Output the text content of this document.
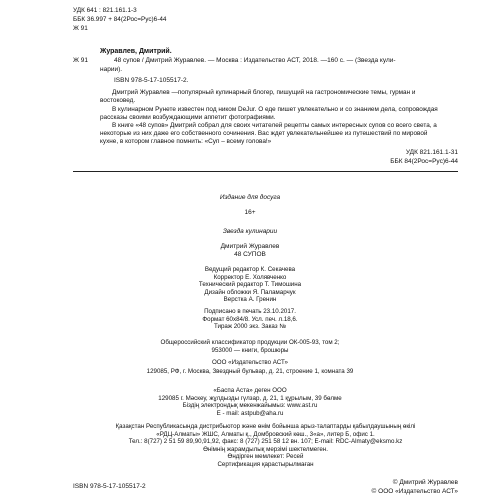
УДК 641 : 821.161.1-3
ББК 36.997 + 84(2Рос=Рус)6-44
Ж 91
Журавлев, Дмитрий.
Ж 91	48 супов / Дмитрий Журавлев. — Москва : Издательство АСТ, 2018. —160 с. — (Звезда кули-
нарии).
ISBN 978-5-17-105517-2.
Дмитрий Журавлев —популярный кулинарный блогер, пишущий на гастрономические темы, гурман и востоковед.
В кулинарном Рунете известен под ником DeJur. О еде пишет увлекательно и со знанием дела, сопровождая рассказы своими возбуждающими аппетит фотографиями.
В книге «48 супов» Дмитрий собрал для своих читателей рецепты самых интересных супов со всего света, а некоторые из них даже его собственного сочинения. Вас ждет увлекательнейшее из путешествий по мировой кухне, в котором главное помнить: «Суп – всему голова!»
УДК 821.161.1-31
ББК 84(2Рос=Рус)6-44
Издание для досуга
16+
Звезда кулинарии
Дмитрий Журавлев
48 СУПОВ
Ведущий редактор К. Секачева
Корректор Е. Холявченко
Технический редактор Т. Тимошина
Дизайн обложки Я. Паламарчук
Верстка А. Гренин
Подписано в печать 23.10.2017.
Формат 60х84/8. Усл. печ. л.18,6.
Тираж 2000 экз. Заказ №
Общероссийский классификатор продукции ОК-005-93, том 2;
953000 — книги, брошюры
ООО «Издательство АСТ»
129085, РФ, г. Москва, Звездный бульвар, д. 21, строение 1, комната 39
«Баспа Аста» деген ООО
129085 г. Мәскеу, жұлдызды гүлзар, д. 21, 1 құрылым, 39 бөлме
Біздің электрондық мекенжайымыз: www.ast.ru
E - mail: astpub@aha.ru
Қазақстан Республикасында дистрибьютор және өнім бойынша арыз-талаптарды қабылдаушының өкілі
«РДЦ-Алматы» ЖШС, Алматы қ., Домбровский көш., 3«а», литер Б, офис 1.
Тел.: 8(727) 2 51 59 89,90,91,92, факс: 8 (727) 251 58 12 вн. 107; E-mail: RDC-Almaty@eksmo.kz
Өнімнің жарамдылық мерзімі шектелмеген.
Өндірген мемлекет: Ресей
Сертификация қарастырылмаған
ISBN 978-5-17-105517-2
© Дмитрий Журавлев
© ООО «Издательство АСТ»
